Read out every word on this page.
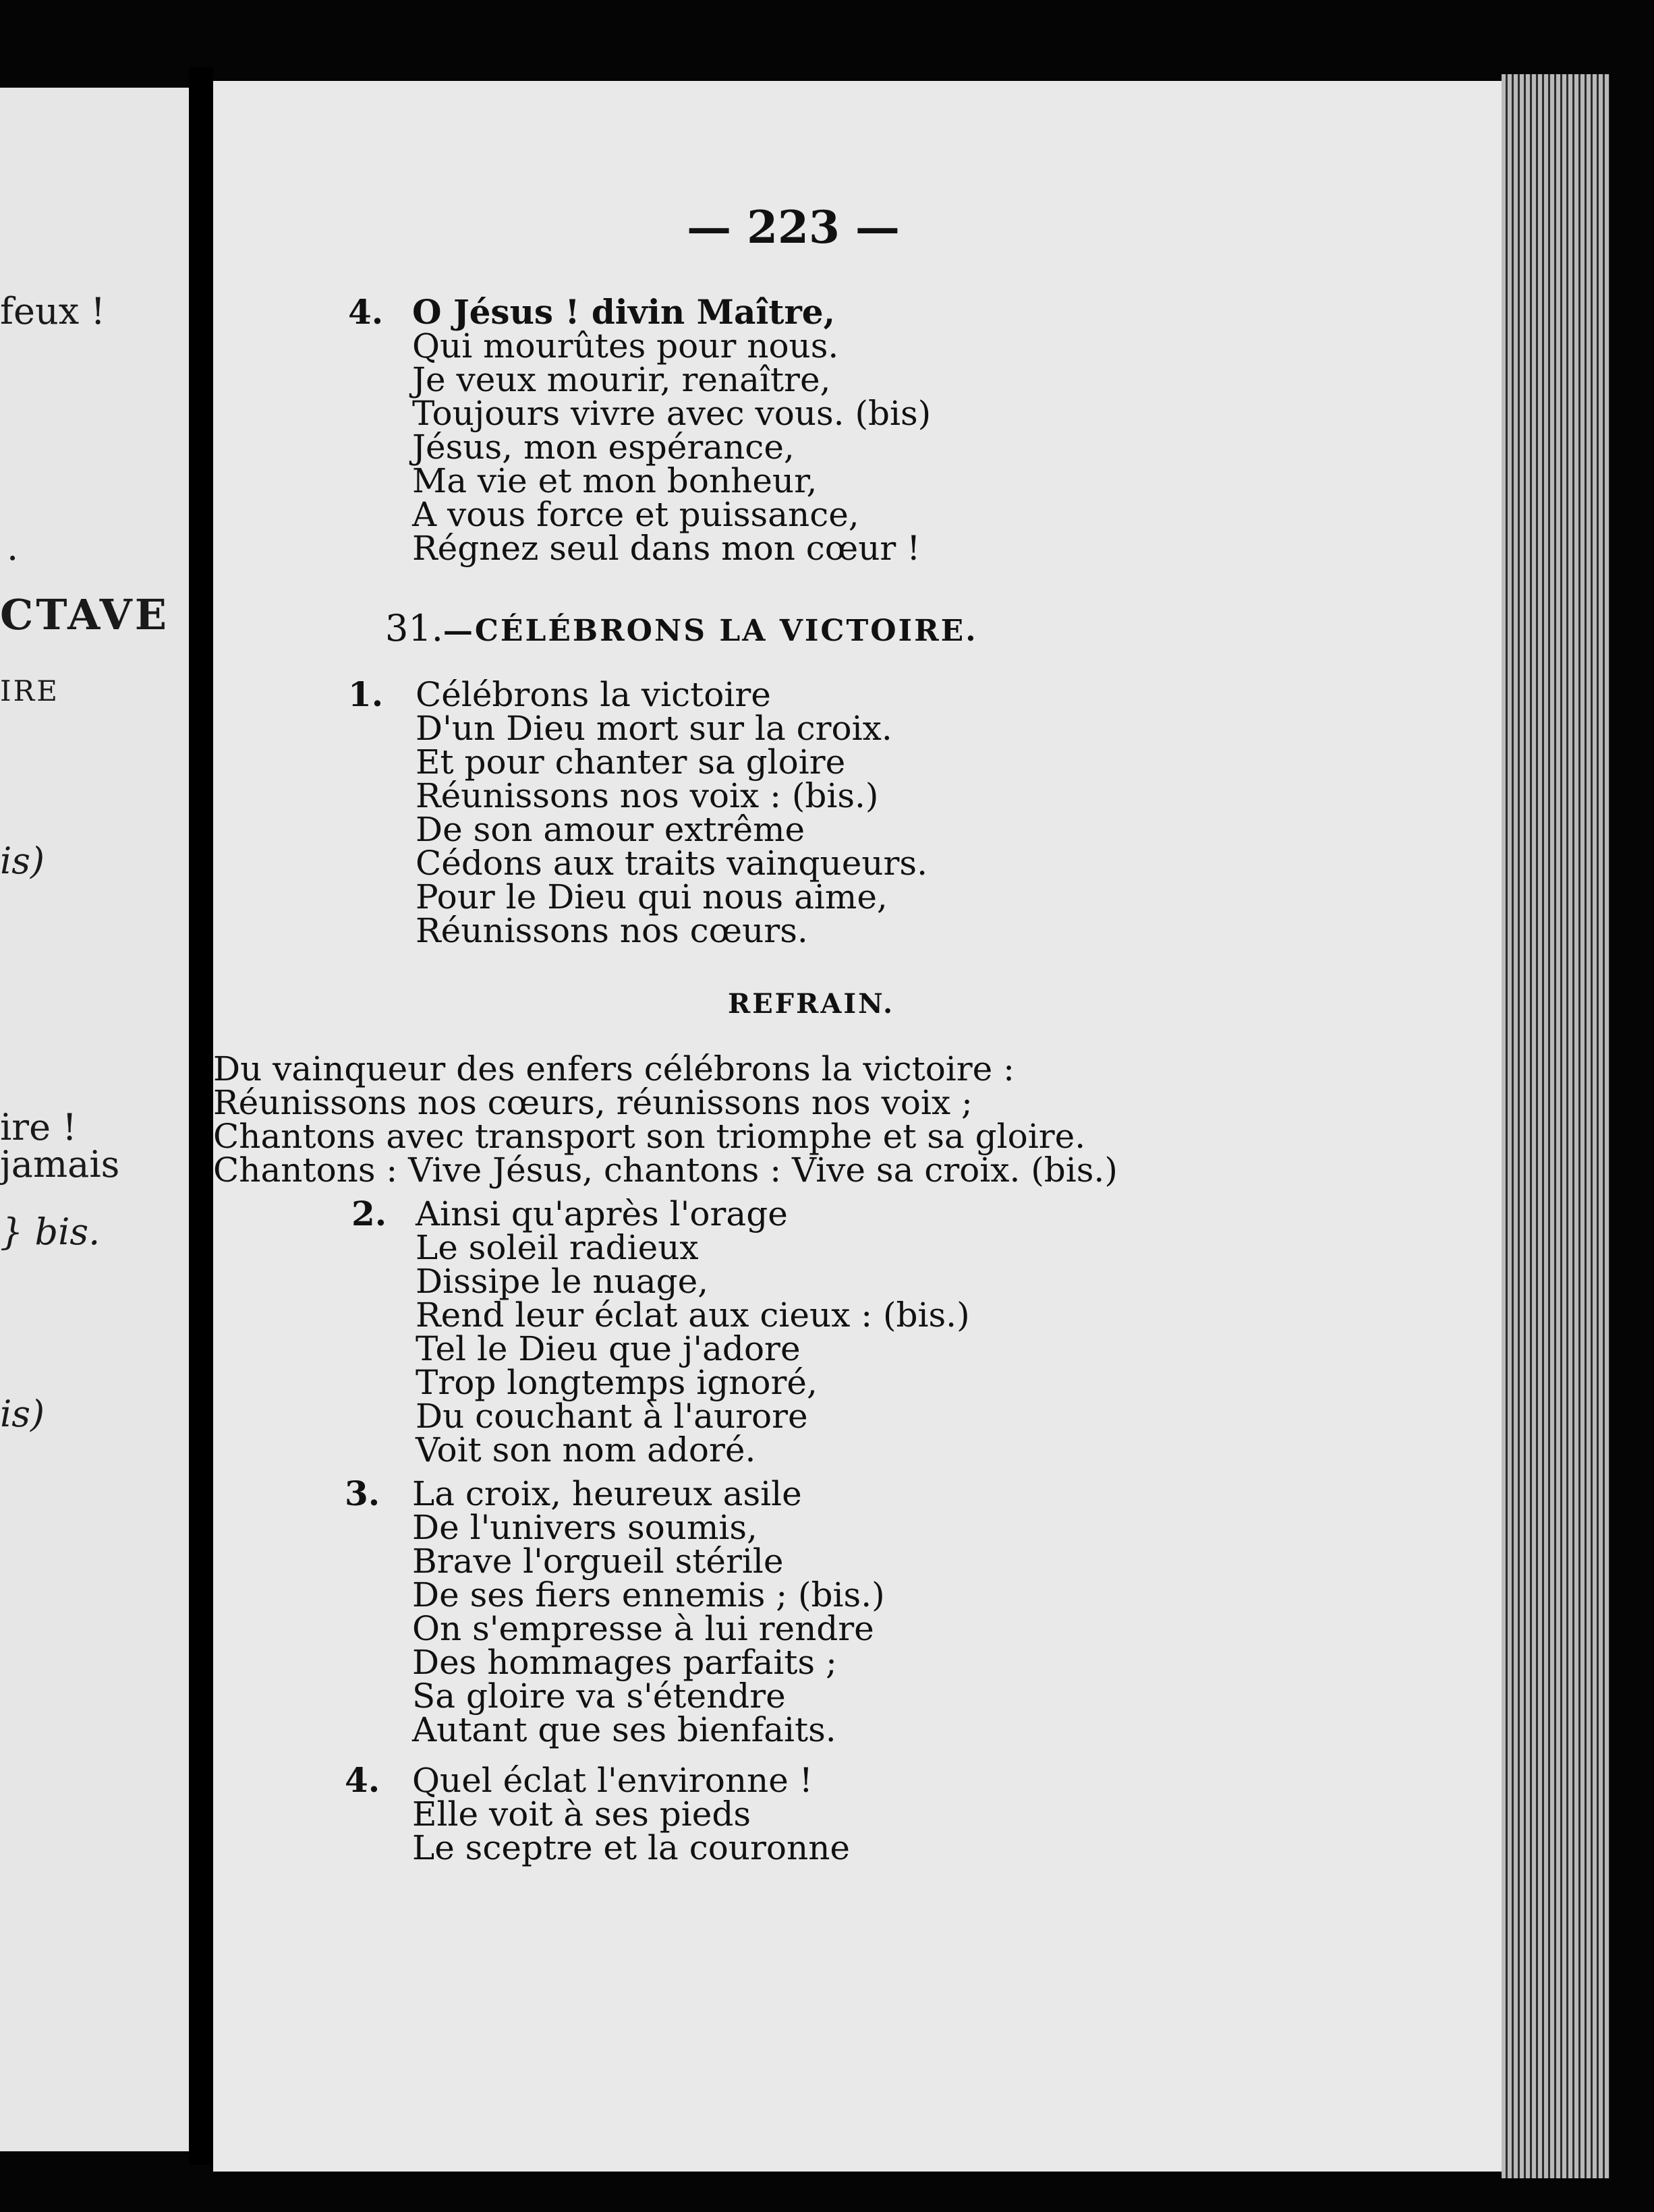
feux !
.
CTAVE
IRE
is)
ire !
jamais
} bis.
is)
— 223 —
4. O Jésus ! divin Maître,
Qui mourûtes pour nous.
Je veux mourir, renaître,
Toujours vivre avec vous. (bis)
Jésus, mon espérance,
Ma vie et mon bonheur,
A vous force et puissance,
Régnez seul dans mon cœur !
31.—CÉLÉBRONS LA VICTOIRE.
1. Célébrons la victoire
D'un Dieu mort sur la croix.
Et pour chanter sa gloire
Réunissons nos voix : (bis.)
De son amour extrême
Cédons aux traits vainqueurs.
Pour le Dieu qui nous aime,
Réunissons nos cœurs.
REFRAIN.
Du vainqueur des enfers célébrons la victoire :
Réunissons nos cœurs, réunissons nos voix ;
Chantons avec transport son triomphe et sa gloire.
Chantons : Vive Jésus, chantons : Vive sa croix. (bis.)
2. Ainsi qu'après l'orage
Le soleil radieux
Dissipe le nuage,
Rend leur éclat aux cieux : (bis.)
Tel le Dieu que j'adore
Trop longtemps ignoré,
Du couchant à l'aurore
Voit son nom adoré.
3. La croix, heureux asile
De l'univers soumis,
Brave l'orgueil stérile
De ses fiers ennemis ; (bis.)
On s'empresse à lui rendre
Des hommages parfaits ;
Sa gloire va s'étendre
Autant que ses bienfaits.
4. Quel éclat l'environne !
Elle voit à ses pieds
Le sceptre et la couronne
